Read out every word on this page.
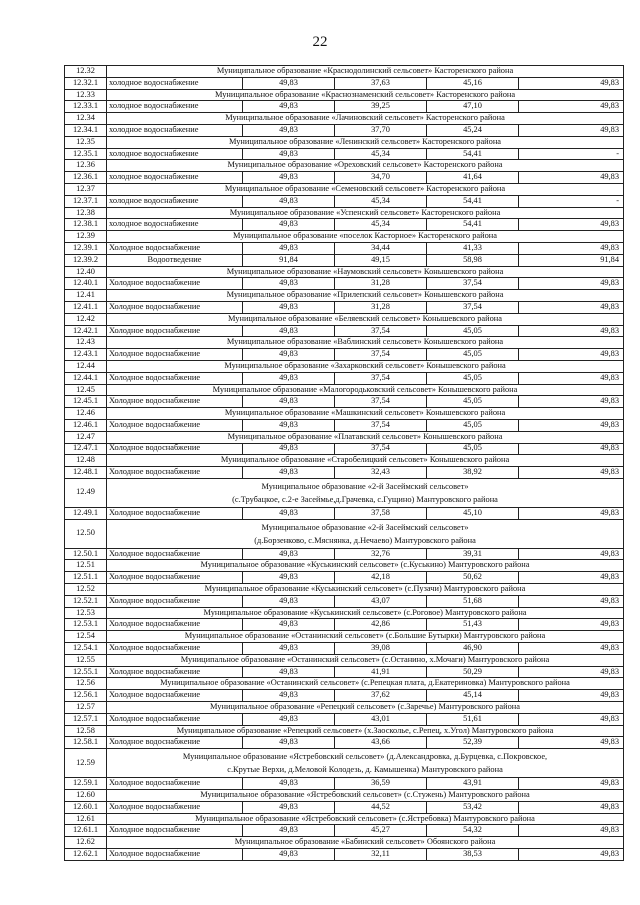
22
12.32	Муниципальное образование «Краснодолинский сельсовет» Касторенского района				
12.32.1	холодное водоснабжение	49,83	37,63	45,16	49,83
12.33	Муниципальное образование «Краснознаменский сельсовет» Касторенского района				
12.33.1	холодное водоснабжение	49,83	39,25	47,10	49,83
12.34	Муниципальное образование «Лачиновский сельсовет» Касторенского района				
12.34.1	холодное водоснабжение	49,83	37,70	45,24	49,83
12.35	Муниципальное образование «Ленинский сельсовет» Касторенского района				
12.35.1	холодное водоснабжение	49,83	45,34	54,41	-
12.36	Муниципальное образование «Ореховский сельсовет» Касторенского района				
12.36.1	холодное водоснабжение	49,83	34,70	41,64	49,83
12.37	Муниципальное образование «Семеновский сельсовет» Касторенского района				
12.37.1	холодное водоснабжение	49,83	45,34	54,41	-
12.38	Муниципальное образование «Успенский сельсовет» Касторенского района				
12.38.1	холодное водоснабжение	49,83	45,34	54,41	49,83
12.39	Муниципальное образование «поселок Касторное» Касторенского района				
12.39.1	Холодное водоснабжение	49,83	34,44	41,33	49,83
12.39.2	Водоотведение	91,84	49,15	58,98	91,84
12.40	Муниципальное образование «Наумовский сельсовет» Конышевского района				
12.40.1	Холодное водоснабжение	49,83	31,28	37,54	49,83
12.41	Муниципальное образование «Прилепский сельсовет» Конышевского района				
12.41.1	Холодное водоснабжение	49,83	31,28	37,54	49,83
12.42	Муниципальное образование «Беляевский сельсовет» Конышевского района				
12.42.1	Холодное водоснабжение	49,83	37,54	45,05	49,83
12.43	Муниципальное образование «Ваблинский сельсовет» Конышевского района				
12.43.1	Холодное водоснабжение	49,83	37,54	45,05	49,83
12.44	Муниципальное образование «Захарковский сельсовет» Конышевского района				
12.44.1	Холодное водоснабжение	49,83	37,54	45,05	49,83
12.45	Муниципальное образование «Малогородьковский сельсовет» Конышевского района				
12.45.1	Холодное водоснабжение	49,83	37,54	45,05	49,83
12.46	Муниципальное образование «Машкинский сельсовет» Конышевского района				
12.46.1	Холодное водоснабжение	49,83	37,54	45,05	49,83
12.47	Муниципальное образование «Платавский сельсовет» Конышевского района				
12.47.1	Холодное водоснабжение	49,83	37,54	45,05	49,83
12.48	Муниципальное образование «Старобелицкий сельсовет» Конышевского района				
12.48.1	Холодное водоснабжение	49,83	32,43	38,92	49,83
12.49	Муниципальное образование «2-й Засеймский сельсовет»
(с.Трубацкое, с.2-е Засеймье,д.Грачевка, с.Гущино) Мантуровского района				

12.49.1	Холодное водоснабжение	49,83	37,58	45,10	49,83
12.50	Муниципальное образование «2-й Засеймский сельсовет»
(д.Борзенково, с.Мяснянка, д.Нечаево) Мантуровского района				

12.50.1	Холодное водоснабжение	49,83	32,76	39,31	49,83
12.51	Муниципальное образование «Куськинский сельсовет» (с.Куськино) Мантуровского района				
12.51.1	Холодное водоснабжение	49,83	42,18	50,62	49,83
12.52	Муниципальное образование «Куськинский сельсовет» (с.Пузачи) Мантуровского района				
12.52.1	Холодное водоснабжение	49,83	43,07	51,68	49,83
12.53	Муниципальное образование «Куськинский сельсовет» (с.Роговое) Мантуровского района				
12.53.1	Холодное водоснабжение	49,83	42,86	51,43	49,83
12.54	Муниципальное образование «Останинский сельсовет» (с.Большие Бутырки) Мантуровского района				
12.54.1	Холодное водоснабжение	49,83	39,08	46,90	49,83
12.55	Муниципальное образование «Останинский сельсовет» (с.Останино, х.Мочаги) Мантуровского района				
12.55.1	Холодное водоснабжение	49,83	41,91	50,29	49,83
12.56	Муниципальное образование «Останинский сельсовет» (с.Репецкая плата, д.Екатериновка) Мантуровского района				
12.56.1	Холодное водоснабжение	49,83	37,62	45,14	49,83
12.57	Муниципальное образование «Репецкий сельсовет» (с.Заречье) Мантуровского района				
12.57.1	Холодное водоснабжение	49,83	43,01	51,61	49,83
12.58	Муниципальное образование «Репецкий сельсовет» (х.Заоскольe, с.Репец, х.Угол) Мантуровского района				
12.58.1	Холодное водоснабжение	49,83	43,66	52,39	49,83
12.59	Муниципальное образование «Ястребовский сельсовет» (д.Александровка, д.Бурцевка, с.Покровское,
с.Крутые Верхи, д.Меловой Колодезь, д. Камышенка) Мантуровского района				

12.59.1	Холодное водоснабжение	49,83	36,59	43,91	49,83
12.60	Муниципальное образование «Ястребовский сельсовет» (с.Стужень) Мантуровского района				
12.60.1	Холодное водоснабжение	49,83	44,52	53,42	49,83
12.61	Муниципальное образование «Ястребовский сельсовет» (с.Ястребовка) Мантуровского района				
12.61.1	Холодное водоснабжение	49,83	45,27	54,32	49,83
12.62	Муниципальное образование «Бабинский сельсовет» Обоянского района				
12.62.1	Холодное водоснабжение	49,83	32,11	38,53	49,83
